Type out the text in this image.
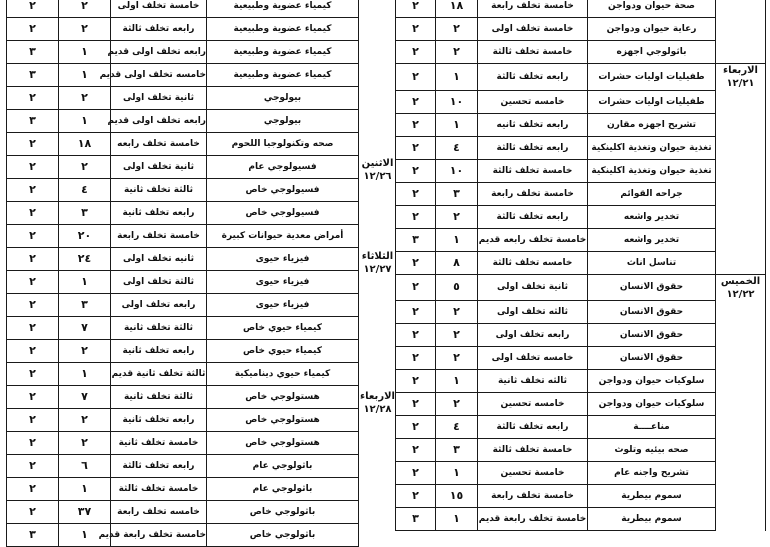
الاثنين ١٢/٢٦
الثلاثاء ١٢/٢٧
الاربعاء ١٢/٢٨
٢	٢	خامسة تخلف اولى	كيمياء عضوية وطبيعية
٢	٢	رابعه تخلف ثالثة	كيمياء عضوية وطبيعية
٣	١	رابعه تخلف اولى قديم	كيمياء عضوية وطبيعية
٣	١	خامسه تخلف اولى قديم	كيمياء عضوية وطبيعية
٢	٢	ثانية تخلف اولى	بيولوجي
٣	١	رابعه تخلف اولى قديم	بيولوجي
٢	١٨	خامسة تخلف رابعه	صحه وتكنولوجيا اللحوم
٢	٢	ثانية تخلف اولى	فسيولوجي عام
٢	٤	ثالثة تخلف ثانية	فسيولوجي خاص
٢	٣	رابعه تخلف ثانية	فسيولوجي خاص
٢	٢٠	خامسة تخلف رابعة	أمراض معدية حيوانات كبيرة
٢	٢٤	ثانيه تخلف اولى	فيزياء حيوى
٢	١	ثالثة تخلف اولى	فيزياء حيوى
٢	٣	رابعه تخلف اولى	فيزياء حيوى
٢	٧	ثالثة تخلف ثانية	كيمياء حيوي خاص
٢	٢	رابعه تخلف ثانية	كيمياء حيوي خاص
٢	١	ثالثة تخلف ثانية قديم	كيمياء حيوي ديناميكية
٢	٧	ثالثة تخلف ثانية	هستولوجي خاص
٢	٢	رابعه تخلف ثانية	هستولوجي خاص
٢	٢	خامسة تخلف ثانية	هستولوجي خاص
٢	٦	رابعه تخلف ثالثة	باثولوجي عام
٢	١	خامسة تخلف ثالثة	باثولوجي عام
٢	٣٧	خامسه تخلف رابعة	باثولوجي خاص
٣	١	خامسة تخلف رابعة قديم	باثولوجي خاص
٢	١٨	خامسة تخلف رابعة	صحة حيوان ودواجن	
٢	٢	خامسة تخلف اولى	رعاية حيوان ودواجن	
٢	٢	خامسة تخلف ثالثة	باثولوجي اجهزه	
٢	١	رابعه تخلف ثالثة	طفيليات اوليات حشرات	الاربعاء ١٢/٢١
٢	١٠	خامسه تحسين	طفيليات اوليات حشرات	
٢	١	رابعه تخلف ثانيه	تشريح اجهزه مقارن	
٢	٤	رابعه تخلف ثالثة	تغذية حيوان وتغذية اكلينكية	
٢	١٠	خامسة تخلف ثالثة	تغذية حيوان وتغذية اكلينكية	
٢	٣	خامسة تخلف رابعة	جراحه القوائم	
٢	٢	رابعه تخلف ثالثة	تخدير واشعه	
٣	١	خامسة تخلف رابعه قديم	تخدير واشعه	
٢	٨	خامسه تخلف ثالثة	تناسل اناث	
٢	٥	ثانية تخلف اولى	حقوق الانسان	الخميس ١٢/٢٢
٢	٢	ثالثه تخلف اولى	حقوق الانسان	
٢	٢	رابعه تخلف اولى	حقوق الانسان	
٢	٢	خامسه تخلف اولى	حقوق الانسان	
٢	١	ثالثه تخلف ثانية	سلوكيات حيوان ودواجن	
٢	٢	خامسه تحسين	سلوكيات حيوان ودواجن	
٢	٤	رابعه تخلف ثالثة	مناعــــة	
٢	٣	خامسة تخلف ثالثة	صحه بيئيه وتلوث	
٢	١	خامسة تحسين	تشريح واجنه عام	
٢	١٥	خامسة تخلف رابعة	سموم بيطرية	
٣	١	خامسة تخلف رابعة قديم	سموم بيطرية	
